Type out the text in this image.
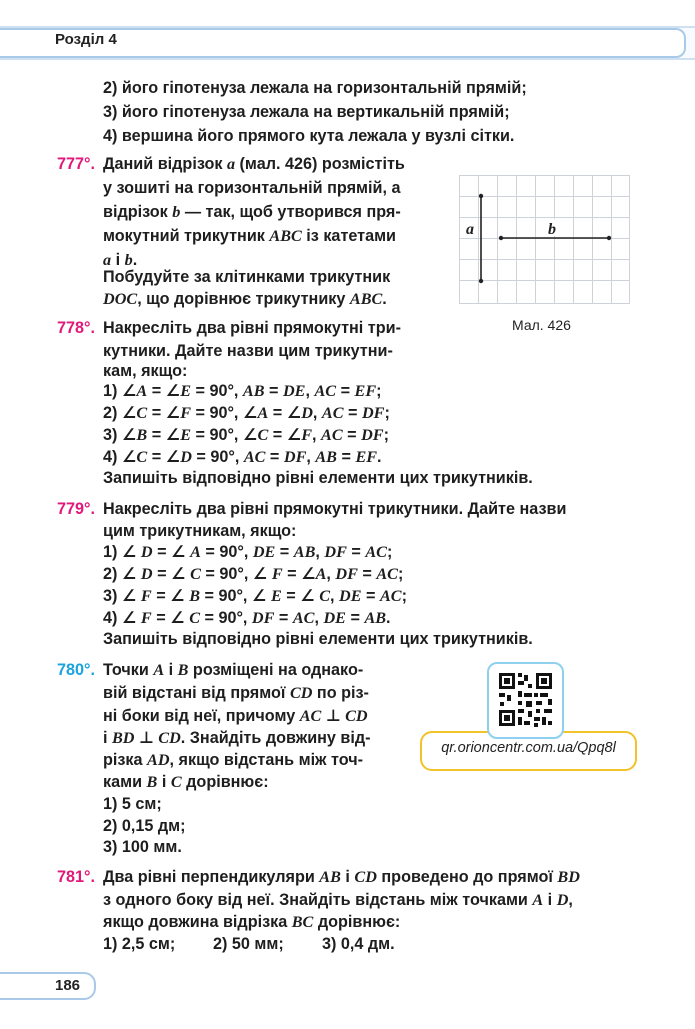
Розділ 4
2) його гіпотенуза лежала на горизонтальній прямій;
3) його гіпотенуза лежала на вертикальній прямій;
4) вершина його прямого кута лежала у вузлі сітки.
777°. Даний відрізок a (мал. 426) розмістіть
у зошиті на горизонтальній прямій, а
відрізок b — так, щоб утворився пря-
мокутний трикутник ABC із катетами
a і b.
Побудуйте за клітинками трикутник
DOC, що дорівнює трикутнику ABC.
a	b
Мал. 426
778°. Накресліть два рівні прямокутні три-
кутники. Дайте назви цим трикутни-
кам, якщо:
1) ∠A = ∠E = 90°, AB = DE, AC = EF;
2) ∠C = ∠F = 90°, ∠A = ∠D, AC = DF;
3) ∠B = ∠E = 90°, ∠C = ∠F, AC = DF;
4) ∠C = ∠D = 90°, AC = DF, AB = EF.
Запишіть відповідно рівні елементи цих трикутників.
779°. Накресліть два рівні прямокутні трикутники. Дайте назви
цим трикутникам, якщо:
1) ∠ D = ∠ A = 90°, DE = AB, DF = AC;
2) ∠ D = ∠ C = 90°, ∠ F = ∠A, DF = AC;
3) ∠ F = ∠ B = 90°, ∠ E = ∠ C, DE = AC;
4) ∠ F = ∠ C = 90°, DF = AC, DE = AB.
Запишіть відповідно рівні елементи цих трикутників.
780°. Точки A і B розміщені на однако-
вій відстані від прямої CD по різ-
ні боки від неї, причому AC ⊥ CD
і BD ⊥ CD. Знайдіть довжину від-
різка AD, якщо відстань між точ-
ками B і C дорівнює:
1) 5 см;
2) 0,15 дм;
3) 100 мм.
qr.orioncentr.com.ua/Qpq8l
781°. Два рівні перпендикуляри AB і CD проведено до прямої BD
з одного боку від неї. Знайдіть відстань між точками A і D,
якщо довжина відрізка BC дорівнює:
1) 2,5 см; 2) 50 мм; 3) 0,4 дм.
186
